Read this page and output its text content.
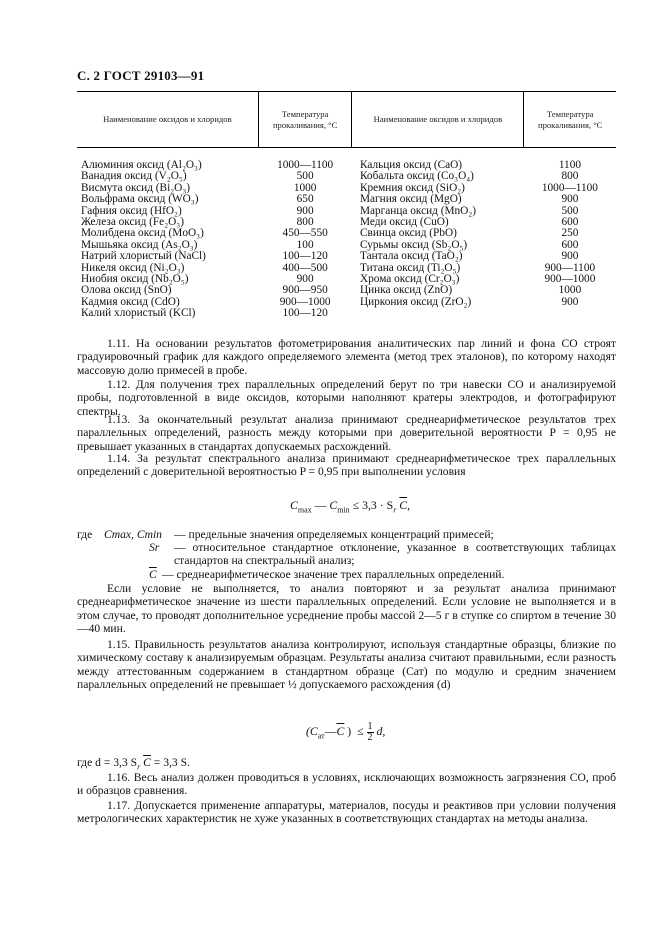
С. 2 ГОСТ 29103—91
Наименование оксидов и хлоридов	Температура прокаливания, °С	Наименование оксидов и хлоридов	Температура прокаливания, °С
Алюминия оксид (Al₂O₃)	1000—1100	Кальция оксид (CaO)	1100
Ванадия оксид (V₂O₅)	500	Кобальта оксид (Co₃O₄)	800
Висмута оксид (Bi₂O₃)	1000	Кремния оксид (SiO₂)	1000—1100
Вольфрама оксид (WO₃)	650	Магния оксид (MgO)	900
Гафния оксид (HfO₂)	900	Марганца оксид (MnO₂)	500
Железа оксид (Fe₂O₃)	800	Меди оксид (CuO)	600
Молибдена оксид (MoO₃)	450—550	Свинца оксид (PbO)	250
Мышьяка оксид (As₂O₃)	100	Сурьмы оксид (Sb₂O₅)	600
Натрий хлористый (NaCl)	100—120	Тантала оксид (TaO₂)	900
Никеля оксид (Ni₂O₃)	400—500	Титана оксид (Ti₂O₅)	900—1100
Ниобия оксид (Nb₂O₅)	900	Хрома оксид (Cr₂O₃)	900—1000
Олова оксид (SnO)	900—950	Цинка оксид (ZnO)	1000
Кадмия оксид (CdO)	900—1000	Циркония оксид (ZrO₂)	900
Калий хлористый (KCl)	100—120		

1.11. На основании результатов фотометрирования аналитических пар линий и фона СО строят градуировочный график для каждого определяемого элемента (метод трех эталонов), по которому находят массовую долю примесей в пробе.

1.12. Для получения трех параллельных определений берут по три навески СО и анализируемой пробы, подготовленной в виде оксидов, которыми наполняют кратеры электродов, и фотографируют спектры.

1.13. За окончательный результат анализа принимают среднеарифметическое результатов трех параллельных определений, разность между которыми при доверительной вероятности P = 0,95 не превышает указанных в стандартах допускаемых расхождений.

1.14. За результат спектрального анализа принимают среднеарифметическое трех параллельных определений с доверительной вероятностью P = 0,95 при выполнении условия

$C_{max}$ — $C_{min} \le 3,3 \cdot S_r$ $\overline{C}$,
где Cmax, Cmin — предельные значения определяемых концентраций примесей;
Sr — относительное стандартное отклонение, указанное в соответствующих таблицах стандартов на спектральный анализ;
$\overline{C}$ — среднеарифметическое значение трех параллельных определений.

Если условие не выполняется, то анализ повторяют и за результат анализа принимают среднеарифметическое значение из шести параллельных определений. Если условие не выполняется и в этом случае, то проводят дополнительное усреднение пробы массой 2—5 г в ступке со спиртом в течение 30—40 мин.

1.15. Правильность результатов анализа контролируют, используя стандартные образцы, близкие по химическому составу к анализируемым образцам. Результаты анализа считают правильными, если разность между аттестованным содержанием в стандартном образце (Cат) по модулю и средним значением параллельных определений не превышает ½ допускаемого расхождения (d)

($C_{ат}—\overline{C}$ ) ≤ $\frac{1}{2} d$,
где d = 3,3 $S_r$ $\overline{C} = 3,3$ S.

1.16. Весь анализ должен проводиться в условиях, исключающих возможность загрязнения СО, проб и образцов сравнения.

1.17. Допускается применение аппаратуры, материалов, посуды и реактивов при условии получения метрологических характеристик не хуже указанных в соответствующих стандартах на методы анализа.
